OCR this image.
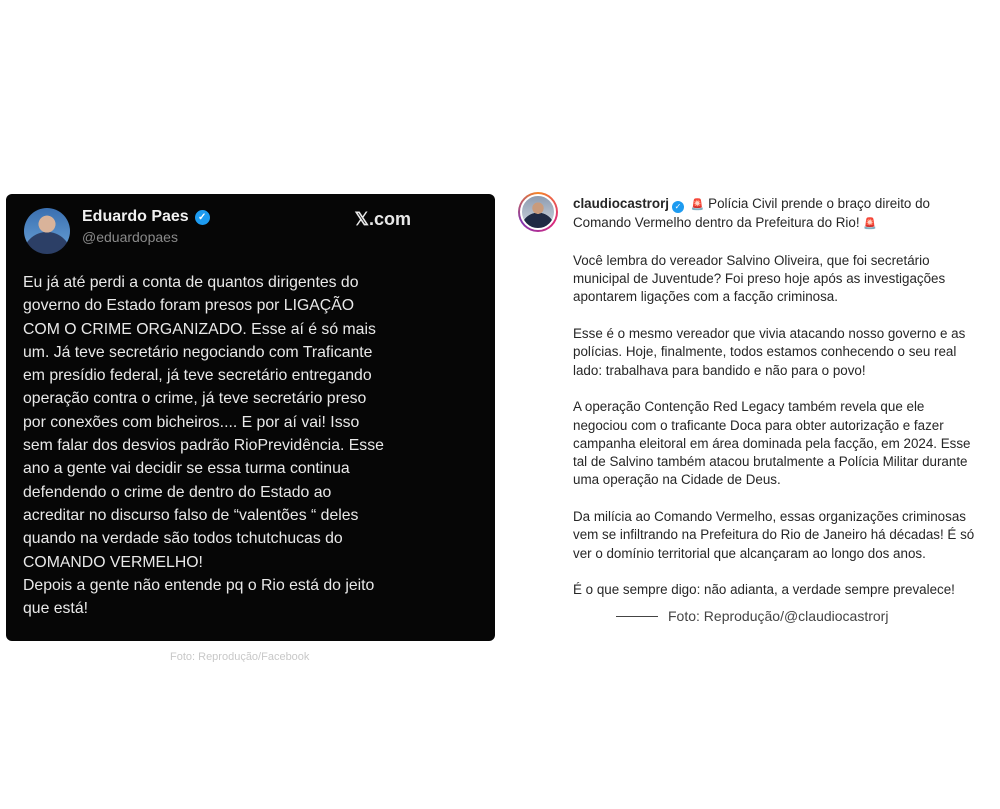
Eduardo Paes ✓
@eduardopaes
𝕏.com
Eu já até perdi a conta de quantos dirigentes do
governo do Estado foram presos por LIGAÇÃO
COM O CRIME ORGANIZADO. Esse aí é só mais
um. Já teve secretário negociando com Traficante
em presídio federal, já teve secretário entregando
operação contra o crime, já teve secretário preso
por conexões com bicheiros.... E por aí vai! Isso
sem falar dos desvios padrão RioPrevidência. Esse
ano a gente vai decidir se essa turma continua
defendendo o crime de dentro do Estado ao
acreditar no discurso falso de “valentões “ deles
quando na verdade são todos tchutchucas do
COMANDO VERMELHO!
Depois a gente não entende pq o Rio está do jeito
que está!
Foto: Reprodução/Facebook

claudiocastrorj ✓ 🚨 Polícia Civil prende o braço direito do Comando Vermelho dentro da Prefeitura do Rio! 🚨

Você lembra do vereador Salvino Oliveira, que foi secretário municipal de Juventude? Foi preso hoje após as investigações apontarem ligações com a facção criminosa.

Esse é o mesmo vereador que vivia atacando nosso governo e as polícias. Hoje, finalmente, todos estamos conhecendo o seu real lado: trabalhava para bandido e não para o povo!

A operação Contenção Red Legacy também revela que ele negociou com o traficante Doca para obter autorização e fazer campanha eleitoral em área dominada pela facção, em 2024. Esse tal de Salvino também atacou brutalmente a Polícia Militar durante uma operação na Cidade de Deus.

Da milícia ao Comando Vermelho, essas organizações criminosas vem se infiltrando na Prefeitura do Rio de Janeiro há décadas! É só ver o domínio territorial que alcançaram ao longo dos anos.

É o que sempre digo: não adianta, a verdade sempre prevalece!

Foto: Reprodução/@claudiocastrorj
